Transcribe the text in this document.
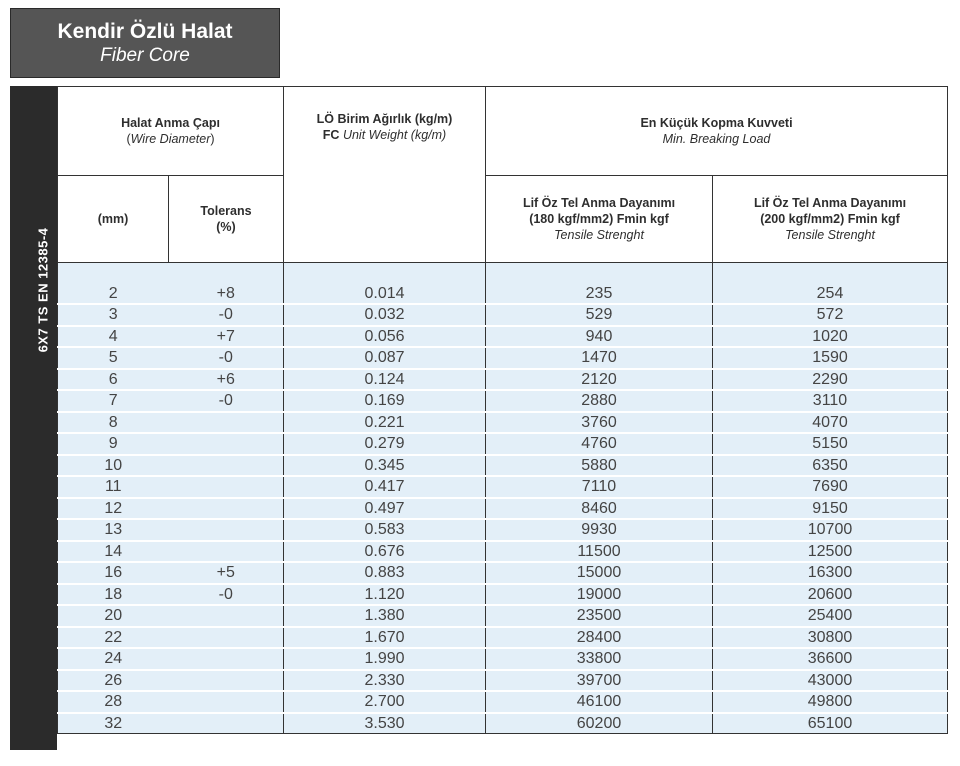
Kendir Özlü Halat
Fiber Core
6X7 TS EN 12385-4
Halat Anma Çapı
(Wire Diameter)		LÖ Birim Ağırlık (kg/m)
FC Unit Weight (kg/m)	En Küçük Kopma Kuvveti
Min. Breaking Load	

(mm)	Tolerans
(%)		Lif Öz Tel Anma Dayanımı
(180 kgf/mm2) Fmin kgf
Tensile Strenght	Lif Öz Tel Anma Dayanımı
(200 kgf/mm2) Fmin kgf
Tensile Strenght

2	+8	0.014	235	254
3	-0	0.032	529	572
4	+7	0.056	940	1020
5	-0	0.087	1470	1590
6	+6	0.124	2120	2290
7	-0	0.169	2880	3110
8		0.221	3760	4070
9		0.279	4760	5150
10		0.345	5880	6350
11		0.417	7110	7690
12		0.497	8460	9150
13		0.583	9930	10700
14		0.676	11500	12500
16	+5	0.883	15000	16300
18	-0	1.120	19000	20600
20		1.380	23500	25400
22		1.670	28400	30800
24		1.990	33800	36600
26		2.330	39700	43000
28		2.700	46100	49800
32		3.530	60200	65100
